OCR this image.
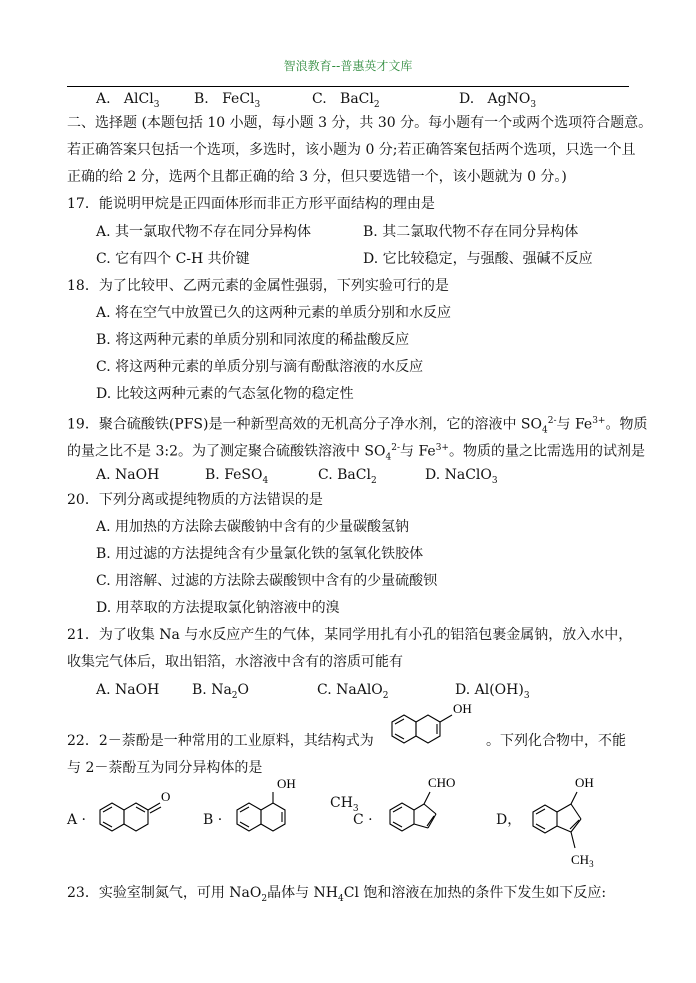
智浪教育--普惠英才文库
A. AlCl$_3$ B. FeCl$_3$	C. BaCl$_2$	D. AgNO$_3$
二、选择题 (本题包括 10 小题，每小题 3 分，共 30 分。每小题有一个或两个选项符合题意。
若正确答案只包括一个选项，多选时，该小题为 0 分;若正确答案包括两个选项，只选一个且
正确的给 2 分，选两个且都正确的给 3 分，但只要选错一个，该小题就为 0 分。)
17．能说明甲烷是正四面体形而非正方形平面结构的理由是
A. 其一氯取代物不存在同分异构体	B. 其二氯取代物不存在同分异构体
C. 它有四个 C-H 共价键	D. 它比较稳定，与强酸、强碱不反应
18．为了比较甲、乙两元素的金属性强弱，下列实验可行的是
A. 将在空气中放置已久的这两种元素的单质分别和水反应
B. 将这两种元素的单质分别和同浓度的稀盐酸反应
C. 将这两种元素的单质分别与滴有酚酞溶液的水反应
D. 比较这两种元素的气态氢化物的稳定性
19．聚合硫酸铁(PFS)是一种新型高效的无机高分子净水剂，它的溶液中 $SO_4^{2-}$与 $Fe^{3+}$。物质
的量之比不是 3:2。为了测定聚合硫酸铁溶液中 $SO_4^{2-}$与 $Fe^{3+}$。物质的量之比需选用的试剂是
A. NaOH	B. FeSO$_4$	C. BaCl$_2$	D. NaClO$_3$
20．下列分离或提纯物质的方法错误的是
A. 用加热的方法除去碳酸钠中含有的少量碳酸氢钠
B. 用过滤的方法提纯含有少量氯化铁的氢氧化铁胶体
C. 用溶解、过滤的方法除去碳酸钡中含有的少量硫酸钡
D. 用萃取的方法提取氯化钠溶液中的溴
21．为了收集 Na 与水反应产生的气体，某同学用扎有小孔的铝箔包裹金属钠，放入水中，
收集完气体后，取出铝箔，水溶液中含有的溶质可能有
A. NaOH B. $Na_2O$	C. NaAlO$_2$	D. $Al(OH)_3$
22．2－萘酚是一种常用的工业原料，其结构式为	。下列化合物中，不能
与 2－萘酚互为同分异构体的是
OH
A ·
O
B ·
OH
$CH_3$
C ·
CHO
D，
OH
$CH_3$
23．实验室制氮气，可用 NaO$_2$晶体与 $NH_4Cl$ 饱和溶液在加热的条件下发生如下反应:
